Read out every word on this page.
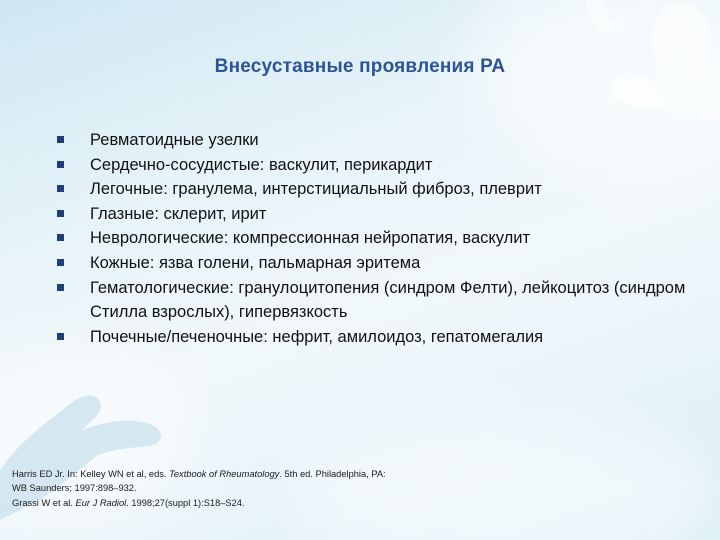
Внесуставные проявления РА
Ревматоидные узелки
Сердечно-сосудистые: васкулит, перикардит
Легочные: гранулема, интерстициальный фиброз, плеврит
Глазные: склерит, ирит
Неврологические: компрессионная нейропатия, васкулит
Кожные: язва голени, пальмарная эритема
Гематологические: гранулоцитопения (синдром Фелти), лейкоцитоз (синдром Стилла взрослых), гипервязкость
Почечные/печеночные: нефрит, амилоидоз, гепатомегалия
Harris ED Jr. In: Kelley WN et al, eds. Textbook of Rheumatology. 5th ed. Philadelphia, PA:
WB Saunders; 1997:898–932.
Grassi W et al. Eur J Radiol. 1998;27(suppl 1):S18–S24.
